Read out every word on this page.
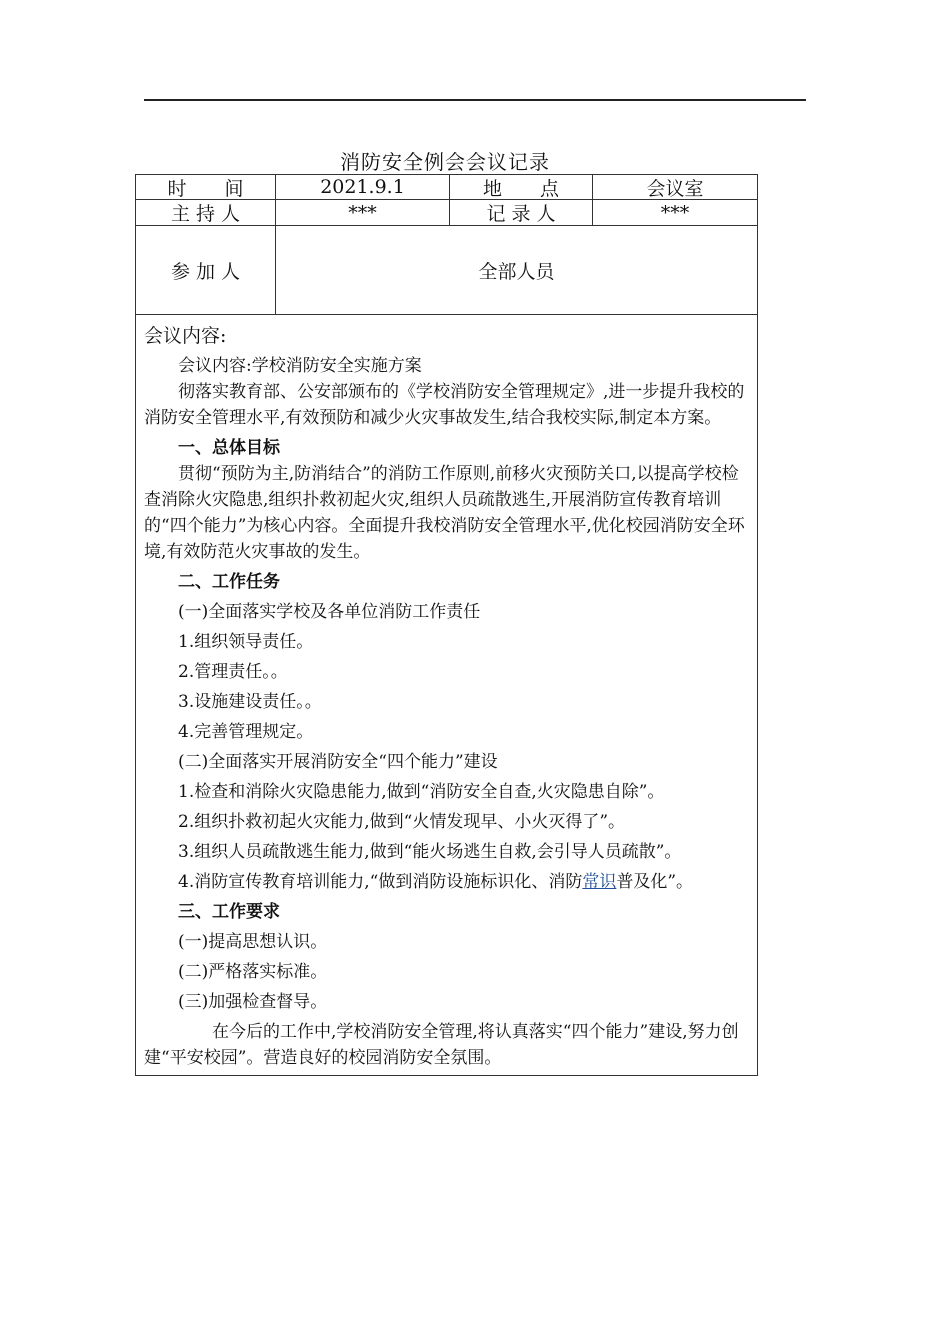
消防安全例会会议记录
时　　间	2021.9.1	地　　点	会议室
主 持 人	***	记 录 人	***
参 加 人	全部人员

会议内容:

会议内容:学校消防安全实施方案

彻落实教育部、公安部颁布的《学校消防安全管理规定》,进一步提升我校的消防安全管理水平,有效预防和减少火灾事故发生,结合我校实际,制定本方案。

一、总体目标

贯彻“预防为主,防消结合”的消防工作原则,前移火灾预防关口,以提高学校检查消除火灾隐患,组织扑救初起火灾,组织人员疏散逃生,开展消防宣传教育培训的“四个能力”为核心内容。全面提升我校消防安全管理水平,优化校园消防安全环境,有效防范火灾事故的发生。

二、工作任务

(一)全面落实学校及各单位消防工作责任

1.组织领导责任。

2.管理责任。。

3.设施建设责任。。

4.完善管理规定。

(二)全面落实开展消防安全“四个能力”建设

1.检查和消除火灾隐患能力,做到“消防安全自查,火灾隐患自除”。

2.组织扑救初起火灾能力,做到“火情发现早、小火灭得了”。

3.组织人员疏散逃生能力,做到“能火场逃生自救,会引导人员疏散”。

4.消防宣传教育培训能力,“做到消防设施标识化、消防常识普及化”。

三、工作要求

(一)提高思想认识。

(二)严格落实标准。

(三)加强检查督导。

在今后的工作中,学校消防安全管理,将认真落实“四个能力”建设,努力创建“平安校园”。营造良好的校园消防安全氛围。
